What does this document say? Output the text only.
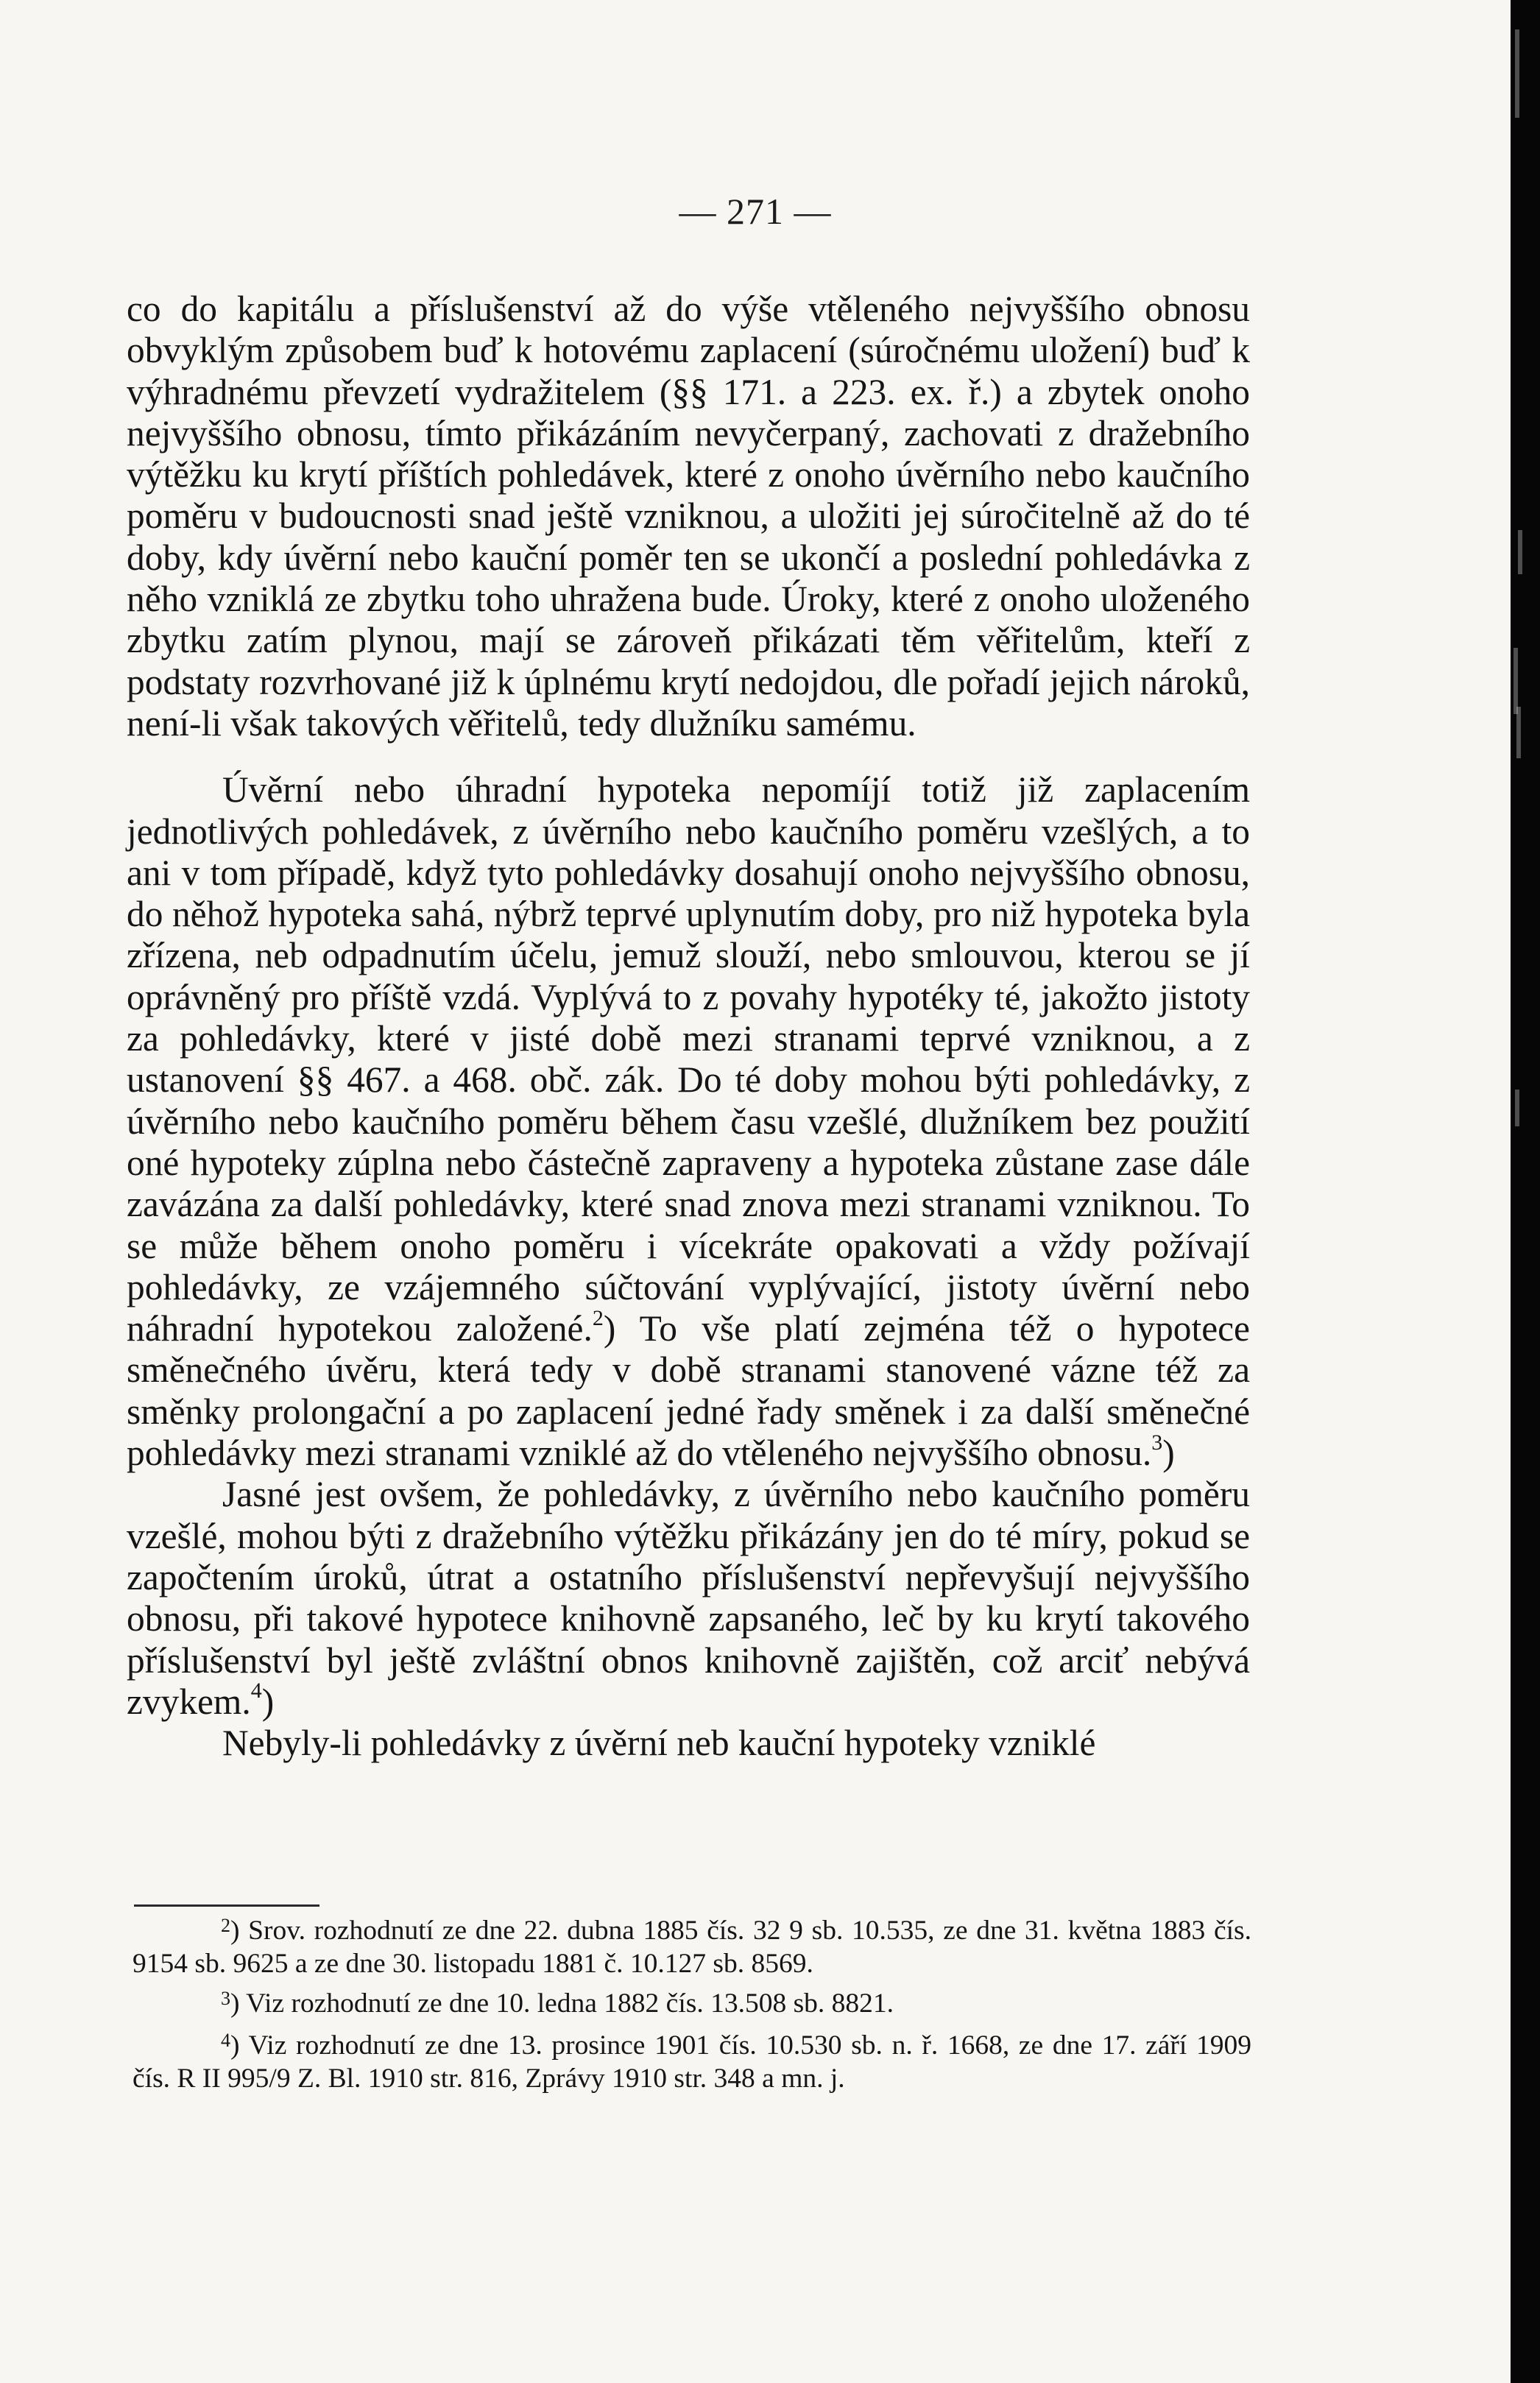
— 271 —

co do kapitálu a příslušenství až do výše vtěleného nejvyššího obnosu obvyklým způsobem buď k hotovému zaplacení (súročnému uložení) buď k výhradnému převzetí vydražitelem (§§ 171. a 223. ex. ř.) a zbytek onoho nejvyššího obnosu, tímto přikázáním nevyčerpaný, zachovati z dražebního výtěžku ku krytí příštích pohledávek, které z onoho úvěrního nebo kaučního poměru v budoucnosti snad ještě vzniknou, a uložiti jej súročitelně až do té doby, kdy úvěrní nebo kauční poměr ten se ukončí a poslední pohledávka z něho vzniklá ze zbytku toho uhražena bude. Úroky, které z onoho uloženého zbytku zatím plynou, mají se zároveň přikázati těm věřitelům, kteří z podstaty rozvrhované již k úplnému krytí nedojdou, dle pořadí jejich nároků, není-li však takových věřitelů, tedy dlužníku samému.

Úvěrní nebo úhradní hypoteka nepomíjí totiž již zaplacením jednotlivých pohledávek, z úvěrního nebo kaučního poměru vzešlých, a to ani v tom případě, když tyto pohledávky dosahují onoho nejvyššího obnosu, do něhož hypoteka sahá, nýbrž teprvé uplynutím doby, pro niž hypoteka byla zřízena, neb odpadnutím účelu, jemuž slouží, nebo smlouvou, kterou se jí oprávněný pro příště vzdá. Vyplývá to z povahy hypotéky té, jakožto jistoty za pohledávky, které v jisté době mezi stranami teprvé vzniknou, a z ustanovení §§ 467. a 468. obč. zák. Do té doby mohou býti pohledávky, z úvěrního nebo kaučního poměru během času vzešlé, dlužníkem bez použití oné hypoteky zúplna nebo částečně zapraveny a hypoteka zůstane zase dále zavázána za další pohledávky, které snad znova mezi stranami vzniknou. To se může během onoho poměru i vícekráte opakovati a vždy požívají pohledávky, ze vzájemného súčtování vyplývající, jistoty úvěrní nebo náhradní hypotekou založené.$^2$) To vše platí zejména též o hypotece směnečného úvěru, která tedy v době stranami stanovené vázne též za směnky prolongační a po zaplacení jedné řady směnek i za další směnečné pohledávky mezi stranami vzniklé až do vtěleného nejvyššího obnosu.$^3$)

Jasné jest ovšem, že pohledávky, z úvěrního nebo kaučního poměru vzešlé, mohou býti z dražebního výtěžku přikázány jen do té míry, pokud se započtením úroků, útrat a ostatního příslušenství nepřevyšují nejvyššího obnosu, při takové hypotece knihovně zapsaného, leč by ku krytí takového příslušenství byl ještě zvláštní obnos knihovně zajištěn, což arciť nebývá zvykem.$^4$)

Nebyly-li pohledávky z úvěrní neb kauční hypoteky vzniklé

$^2$) Srov. rozhodnutí ze dne 22. dubna 1885 čís. 32 9 sb. 10.535, ze dne 31. května 1883 čís. 9154 sb. 9625 a ze dne 30. listopadu 1881 č. 10.127 sb. 8569.

$^3$) Viz rozhodnutí ze dne 10. ledna 1882 čís. 13.508 sb. 8821.

$^4$) Viz rozhodnutí ze dne 13. prosince 1901 čís. 10.530 sb. n. ř. 1668, ze dne 17. září 1909 čís. R II 995/9 Z. Bl. 1910 str. 816, Zprávy 1910 str. 348 a mn. j.
